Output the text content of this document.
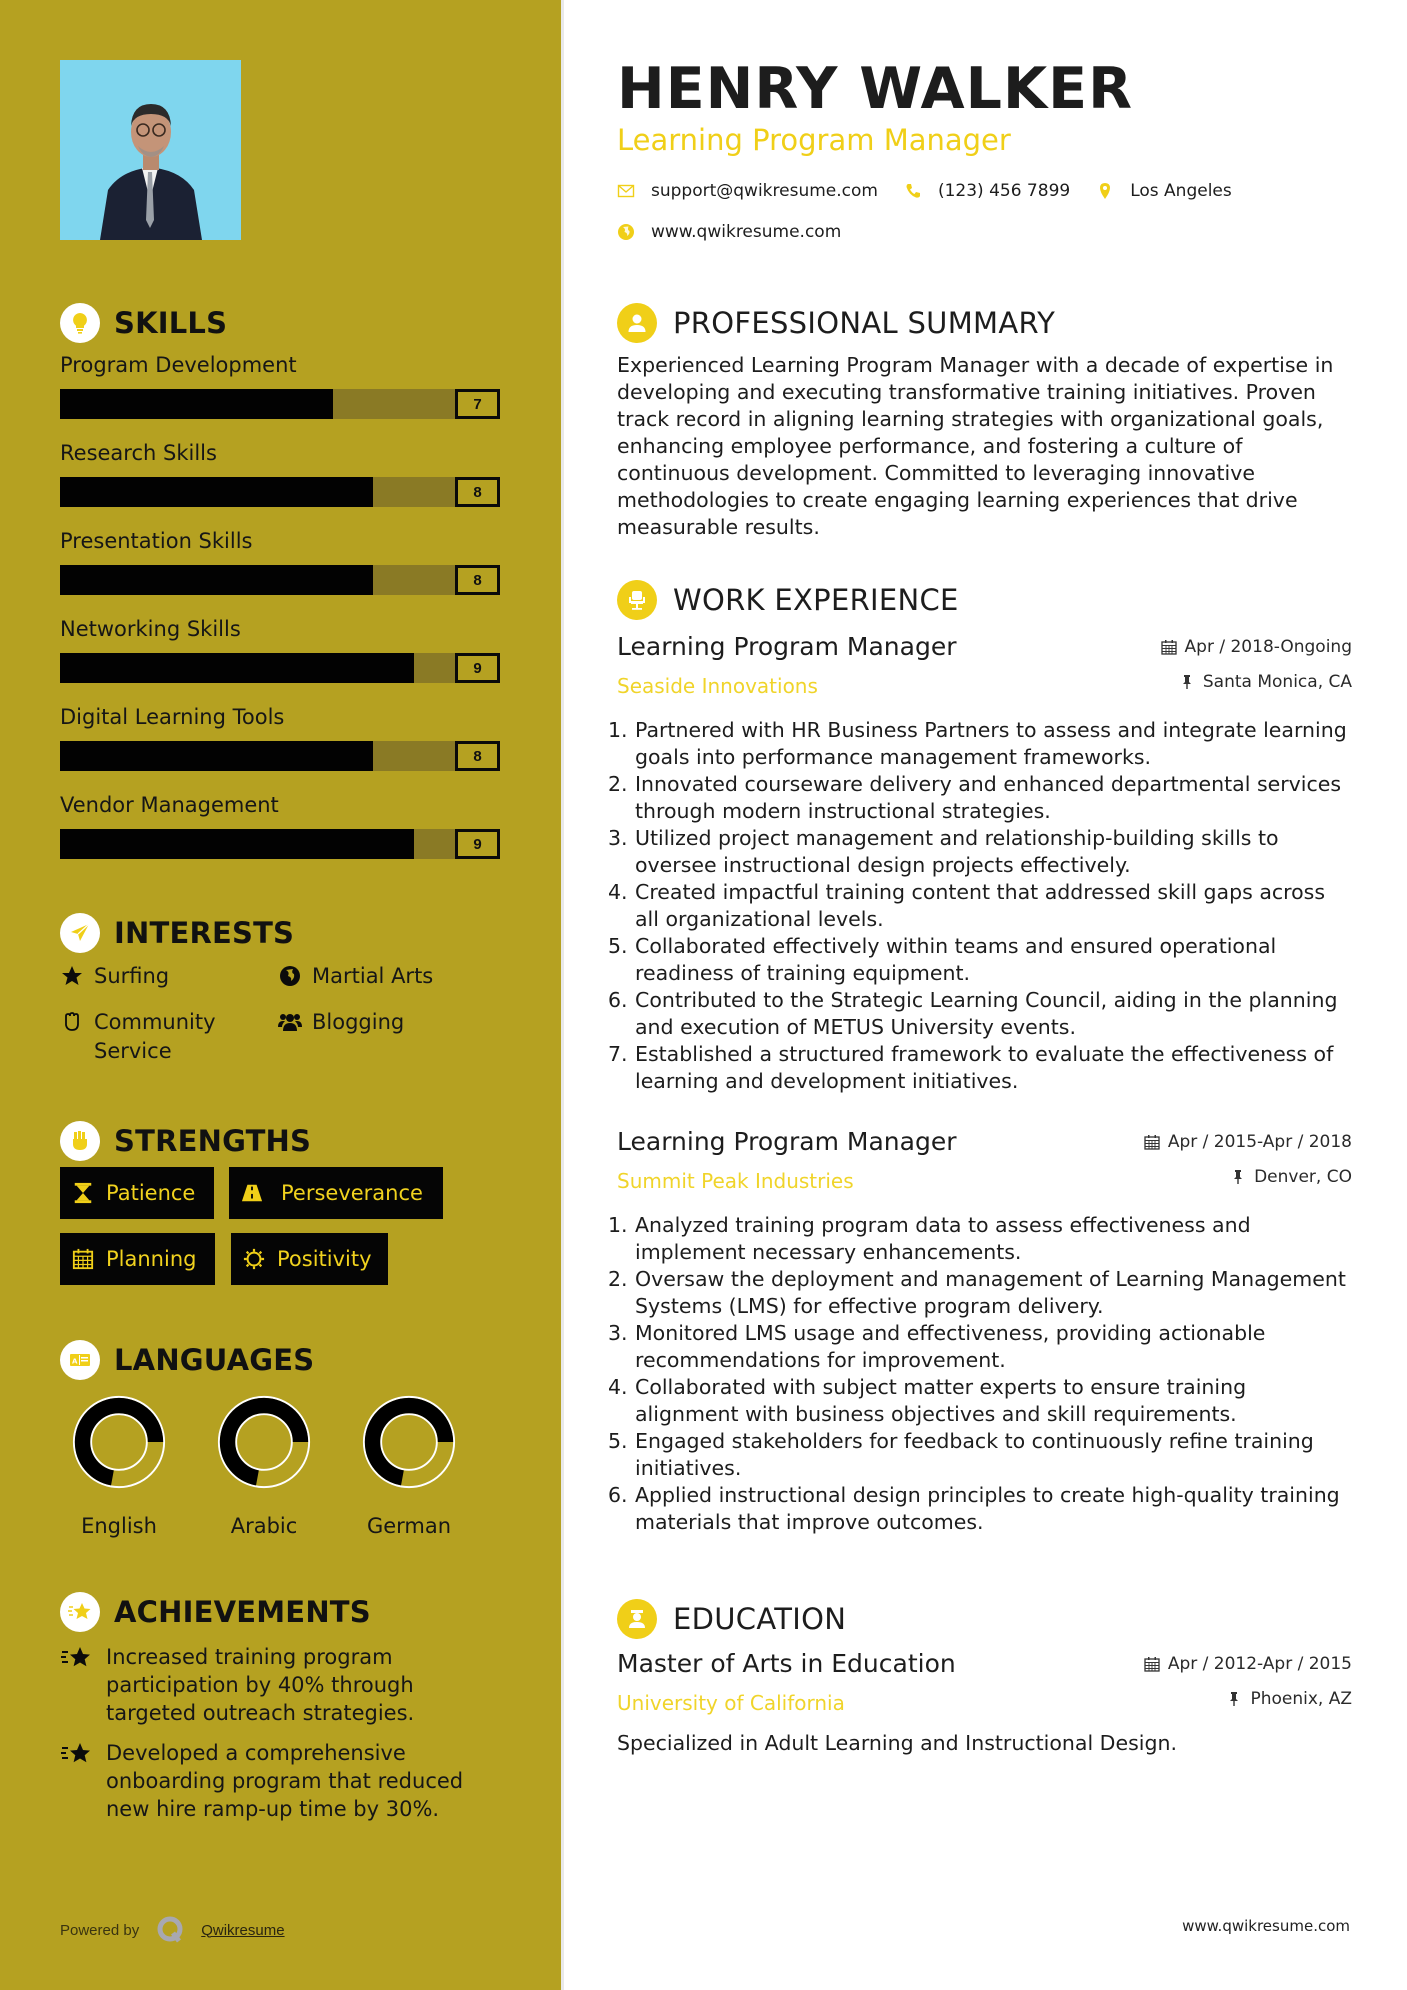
SKILLS
Program Development
7
Research Skills
8
Presentation Skills
8
Networking Skills
9
Digital Learning Tools
8
Vendor Management
9
INTERESTS
Surfing	Martial Arts
Community Service
Blogging
STRENGTHS
Patience	Perseverance
Planning	Positivity
A LANGUAGES
English	Arabic	German
ACHIEVEMENTS
Increased training program participation by 40% through targeted outreach strategies.
Developed a comprehensive onboarding program that reduced new hire ramp-up time by 30%.
Powered by	Qwikresume
HENRY WALKER
Learning Program Manager
support@qwikresume.com	(123) 456 7899	Los Angeles
www.qwikresume.com
PROFESSIONAL SUMMARY
Experienced Learning Program Manager with a decade of expertise in developing and executing transformative training initiatives. Proven track record in aligning learning strategies with organizational goals, enhancing employee performance, and fostering a culture of continuous development. Committed to leveraging innovative methodologies to create engaging learning experiences that drive measurable results.
WORK EXPERIENCE
Learning Program Manager
Seaside Innovations
Apr / 2018-Ongoing
Santa Monica, CA
1. Partnered with HR Business Partners to assess and integrate learning goals into performance management frameworks.
2. Innovated courseware delivery and enhanced departmental services through modern instructional strategies.
3. Utilized project management and relationship-building skills to oversee instructional design projects effectively.
4. Created impactful training content that addressed skill gaps across all organizational levels.
5. Collaborated effectively within teams and ensured operational readiness of training equipment.
6. Contributed to the Strategic Learning Council, aiding in the planning and execution of METUS University events.
7. Established a structured framework to evaluate the effectiveness of learning and development initiatives.
Learning Program Manager
Summit Peak Industries
Apr / 2015-Apr / 2018
Denver, CO
1. Analyzed training program data to assess effectiveness and implement necessary enhancements.
2. Oversaw the deployment and management of Learning Management Systems (LMS) for effective program delivery.
3. Monitored LMS usage and effectiveness, providing actionable recommendations for improvement.
4. Collaborated with subject matter experts to ensure training alignment with business objectives and skill requirements.
5. Engaged stakeholders for feedback to continuously refine training initiatives.
6. Applied instructional design principles to create high-quality training materials that improve outcomes.
EDUCATION
Master of Arts in Education
University of California
Apr / 2012-Apr / 2015
Phoenix, AZ
Specialized in Adult Learning and Instructional Design.
www.qwikresume.com
